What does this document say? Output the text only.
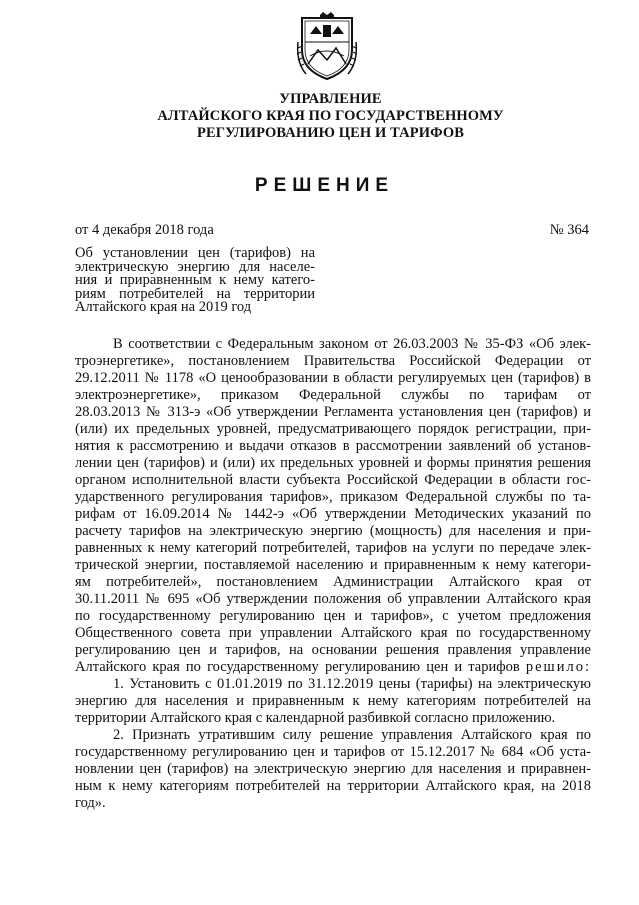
УПРАВЛЕНИЕ
АЛТАЙСКОГО КРАЯ ПО ГОСУДАРСТВЕННОМУ
РЕГУЛИРОВАНИЮ ЦЕН И ТАРИФОВ
РЕШЕНИЕ
от 4 декабря 2018 года	№ 364
Об установлении цен (тарифов) на
электрическую энергию для населе-
ния и приравненным к нему катего-
риям потребителей на территории
Алтайского края на 2019 год
В соответствии с Федеральным законом от 26.03.2003 № 35-ФЗ «Об элек-
троэнергетике», постановлением Правительства Российской Федерации от
29.12.2011 № 1178 «О ценообразовании в области регулируемых цен (тарифов) в
электроэнергетике», приказом Федеральной службы по тарифам от
28.03.2013 № 313-э «Об утверждении Регламента установления цен (тарифов) и
(или) их предельных уровней, предусматривающего порядок регистрации, при-
нятия к рассмотрению и выдачи отказов в рассмотрении заявлений об установ-
лении цен (тарифов) и (или) их предельных уровней и формы принятия решения
органом исполнительной власти субъекта Российской Федерации в области гос-
ударственного регулирования тарифов», приказом Федеральной службы по та-
рифам от 16.09.2014 № 1442-э «Об утверждении Методических указаний по
расчету тарифов на электрическую энергию (мощность) для населения и при-
равненных к нему категорий потребителей, тарифов на услуги по передаче элек-
трической энергии, поставляемой населению и приравненным к нему категори-
ям потребителей», постановлением Администрации Алтайского края от
30.11.2011 № 695 «Об утверждении положения об управлении Алтайского края
по государственному регулированию цен и тарифов», с учетом предложения
Общественного совета при управлении Алтайского края по государственному
регулированию цен и тарифов, на основании решения правления управление
Алтайского края по государственному регулированию цен и тарифов решило:
1. Установить с 01.01.2019 по 31.12.2019 цены (тарифы) на электрическую
энергию для населения и приравненным к нему категориям потребителей на
территории Алтайского края с календарной разбивкой согласно приложению.
2. Признать утратившим силу решение управления Алтайского края по
государственному регулированию цен и тарифов от 15.12.2017 № 684 «Об уста-
новлении цен (тарифов) на электрическую энергию для населения и приравнен-
ным к нему категориям потребителей на территории Алтайского края, на 2018
год».
